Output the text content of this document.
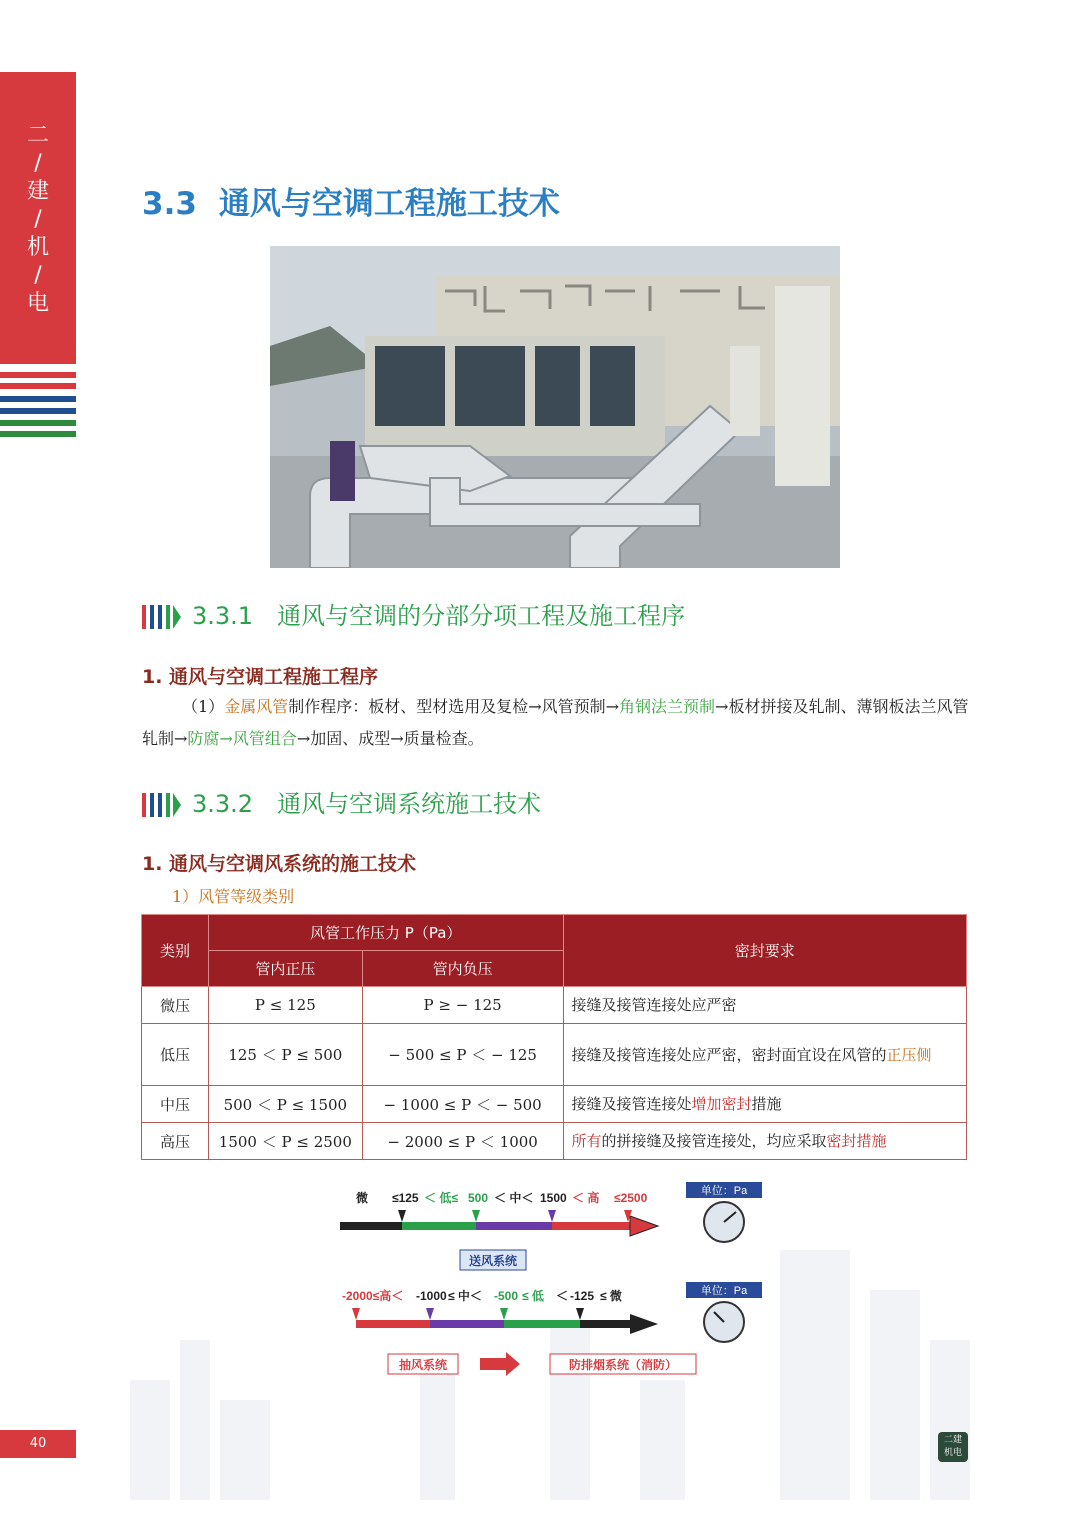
二
/
建
/
机
/
电
3.3 通风与空调工程施工技术
3.3.1 通风与空调的分部分项工程及施工程序
1. 通风与空调工程施工程序
（1）金属风管制作程序：板材、型材选用及复检→风管预制→角钢法兰预制→板材拼接及轧制、薄钢板法兰风管轧制→防腐→风管组合→加固、成型→质量检查。
3.3.2 通风与空调系统施工技术
1. 通风与空调风系统的施工技术
1）风管等级类别
类别	风管工作压力 P（Pa）		密封要求
	管内正压	管内负压	
微压	P ≤ 125	P ≥ − 125	接缝及接管连接处应严密
低压	125 ＜ P ≤ 500	− 500 ≤ P ＜ − 125	接缝及接管连接处应严密，密封面宜设在风管的正压侧
中压	500 ＜ P ≤ 1500	− 1000 ≤ P ＜ − 500	接缝及接管连接处增加密封措施
高压	1500 ＜ P ≤ 2500	− 2000 ≤ P ＜ 1000	所有的拼接缝及接管连接处，均应采取密封措施
微 ≤125 ＜ 低≤ 500 ＜ 中＜ 1500 ＜ 高 ≤2500
送风系统
-2000≤高＜ -1000 ≤ 中＜ -500 ≤ 低 ＜ -125 ≤ 微
抽风系统	防排烟系统（消防）
单位：Pa
单位：Pa
40	二建
机电
